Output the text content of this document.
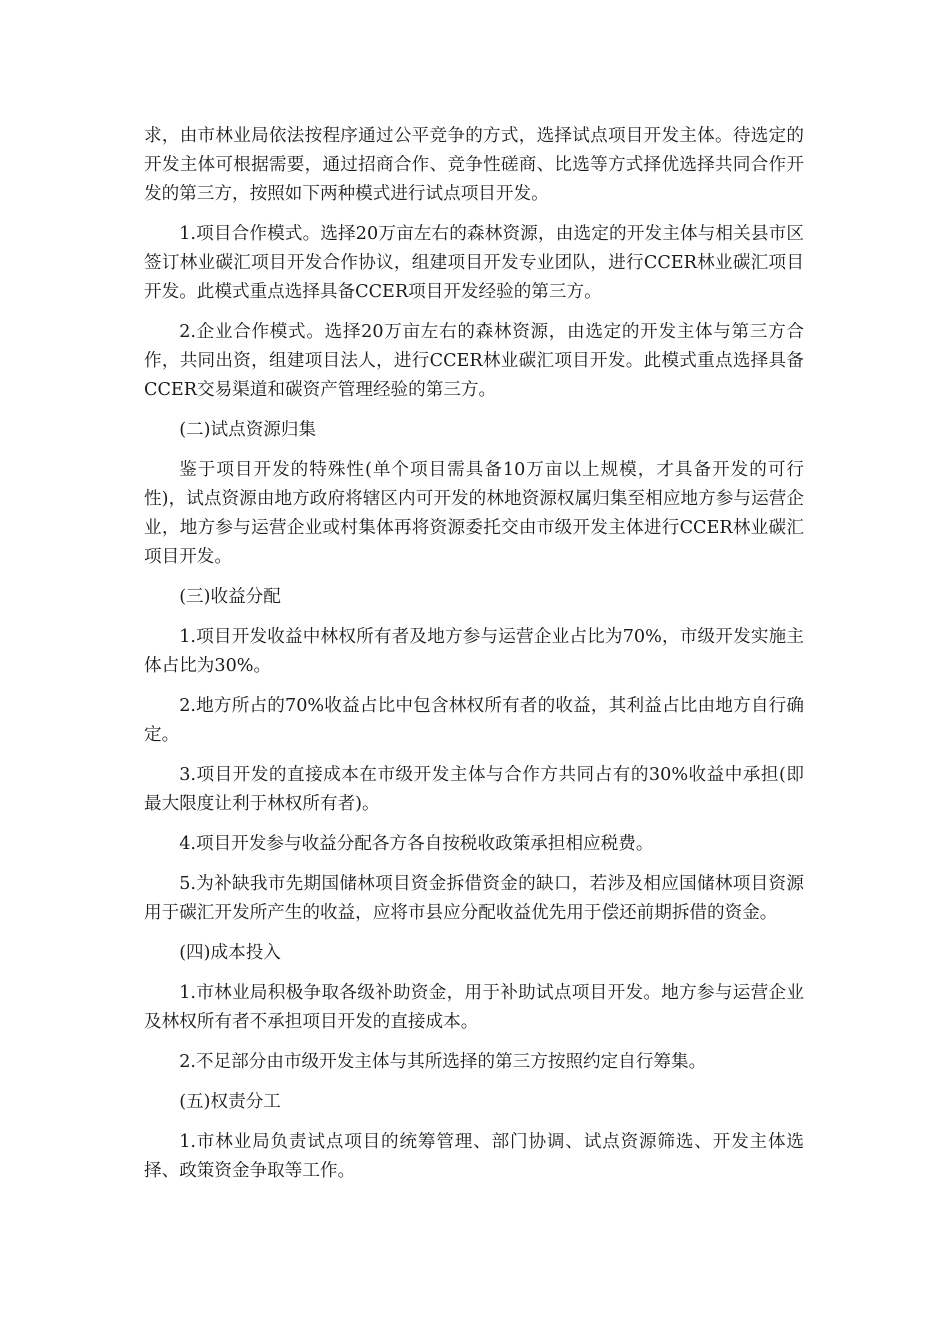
求，由市林业局依法按程序通过公平竞争的方式，选择试点项目开发主体。待选定的开发主体可根据需要，通过招商合作、竞争性磋商、比选等方式择优选择共同合作开发的第三方，按照如下两种模式进行试点项目开发。

1.项目合作模式。选择20万亩左右的森林资源，由选定的开发主体与相关县市区签订林业碳汇项目开发合作协议，组建项目开发专业团队，进行CCER林业碳汇项目开发。此模式重点选择具备CCER项目开发经验的第三方。

2.企业合作模式。选择20万亩左右的森林资源，由选定的开发主体与第三方合作，共同出资，组建项目法人，进行CCER林业碳汇项目开发。此模式重点选择具备CCER交易渠道和碳资产管理经验的第三方。

(二)试点资源归集

鉴于项目开发的特殊性(单个项目需具备10万亩以上规模，才具备开发的可行性)，试点资源由地方政府将辖区内可开发的林地资源权属归集至相应地方参与运营企业，地方参与运营企业或村集体再将资源委托交由市级开发主体进行CCER林业碳汇项目开发。

(三)收益分配

1.项目开发收益中林权所有者及地方参与运营企业占比为70%，市级开发实施主体占比为30%。

2.地方所占的70%收益占比中包含林权所有者的收益，其利益占比由地方自行确定。

3.项目开发的直接成本在市级开发主体与合作方共同占有的30%收益中承担(即最大限度让利于林权所有者)。

4.项目开发参与收益分配各方各自按税收政策承担相应税费。

5.为补缺我市先期国储林项目资金拆借资金的缺口，若涉及相应国储林项目资源用于碳汇开发所产生的收益，应将市县应分配收益优先用于偿还前期拆借的资金。

(四)成本投入

1.市林业局积极争取各级补助资金，用于补助试点项目开发。地方参与运营企业及林权所有者不承担项目开发的直接成本。

2.不足部分由市级开发主体与其所选择的第三方按照约定自行筹集。

(五)权责分工

1.市林业局负责试点项目的统筹管理、部门协调、试点资源筛选、开发主体选择、政策资金争取等工作。
